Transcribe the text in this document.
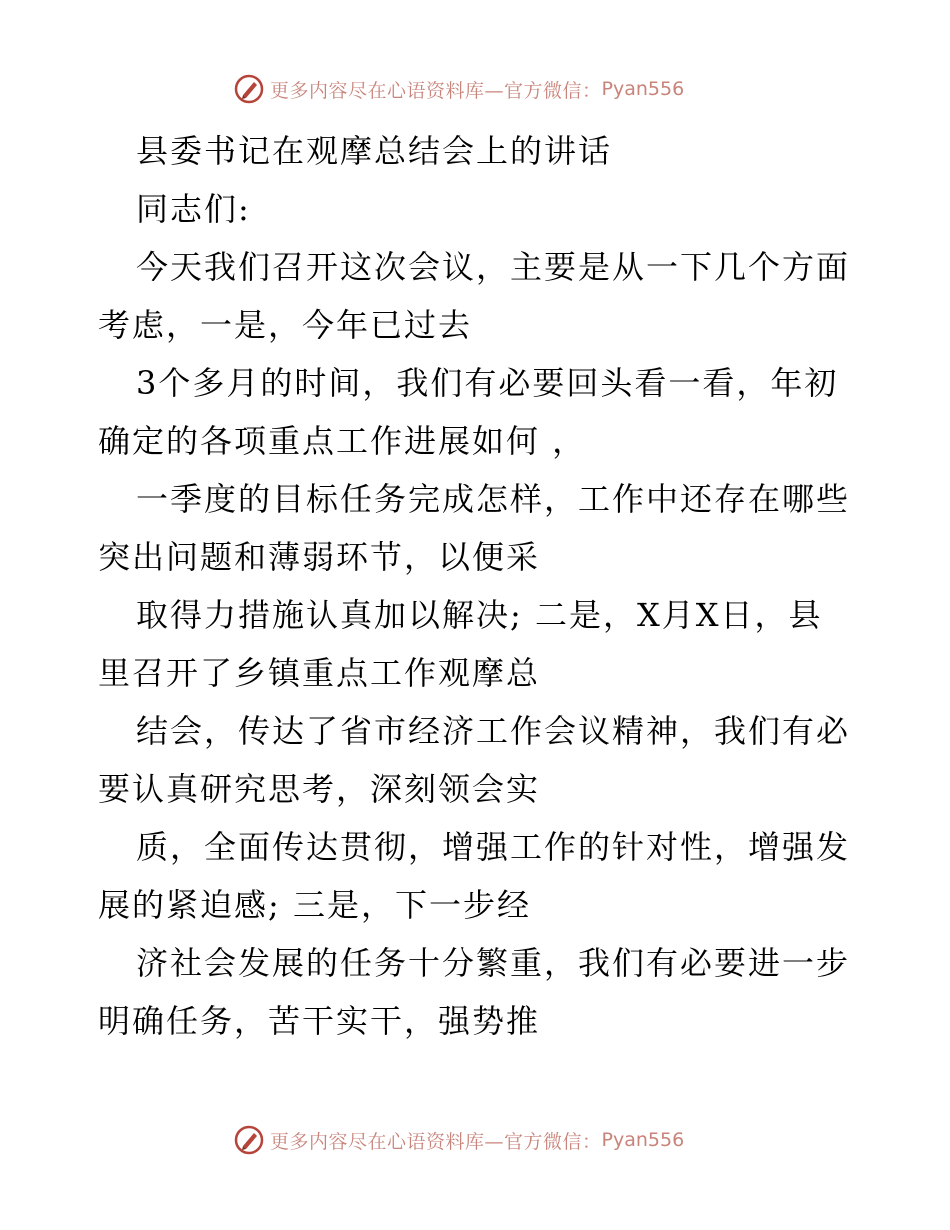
更多内容尽在心语资料库—官方微信： Pyan556
县委书记在观摩总结会上的讲话
同志们:
今天我们召开这次会议，主要是从一下几个方面
考虑，一是，今年已过去
3个多月的时间，我们有必要回头看一看，年初
确定的各项重点工作进展如何 ，
一季度的目标任务完成怎样，工作中还存在哪些
突出问题和薄弱环节，以便采
取得力措施认真加以解决; 二是，X月X日，县
里召开了乡镇重点工作观摩总
结会，传达了省市经济工作会议精神，我们有必
要认真研究思考，深刻领会实
质，全面传达贯彻，增强工作的针对性，增强发
展的紧迫感; 三是，下一步经
济社会发展的任务十分繁重，我们有必要进一步
明确任务，苦干实干，强势推
更多内容尽在心语资料库—官方微信： Pyan556
